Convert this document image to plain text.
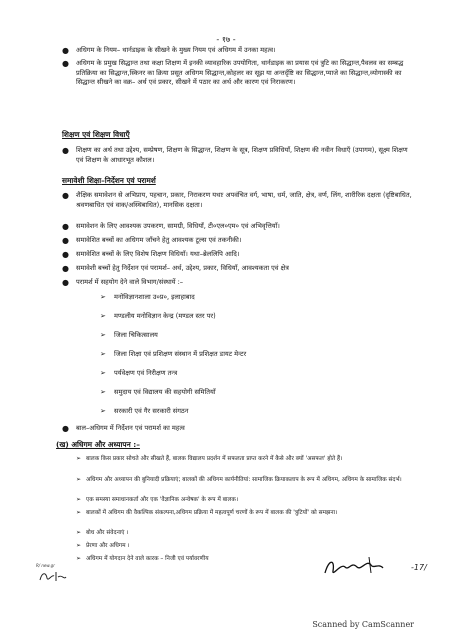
- १७ -
● अधिगम के नियम– थार्नडाइक के सीखने के मुख्य नियम एवं अधिगम में उनका महत्व।
● अधिगम के प्रमुख सिद्धान्त तथा कक्षा शिक्षण में इनकी व्यावहारिक उपयोगिता, थार्नडाइक का प्रयास एवं त्रुटि का सिद्धान्त,पैवलव का सम्बद्ध प्रतिक्रिया का सिद्धान्त,स्किनर का क्रिया प्रसूत अधिगम सिद्धान्त,कोहलर का सूझ या अन्तर्दृष्टि का सिद्धान्त,प्याजे का सिद्धान्त,व्योगास्की का सिद्धान्त सीखने का वक्र– अर्थ एवं प्रकार, सीखने में पठार का अर्थ और कारण एवं निराकरण।
शिक्षण एवं शिक्षण विधाएँ
● शिक्षण का अर्थ तथा उद्देश्य, सम्प्रेषण, शिक्षण के सिद्धान्त, शिक्षण के सूत्र, शिक्षण प्रविधियाँ, शिक्षण की नवीन विधाएँ (उपागम), सूक्ष्म शिक्षण एवं शिक्षण के आधारभूत कौशल।
समावेशी शिक्षा–निर्देशन एवं परामर्श
● शैक्षिक समावेशन से अभिप्राय, पहचान, प्रकार, निराकरण यथाः अपवंचित वर्ग, भाषा, धर्म, जाति, क्षेत्र, वर्ण, लिंग, शारीरिक दक्षता (दृष्टिबाधित, श्रवणबाधित एवं वाक/अस्थिबाधित), मानसिक दक्षता।
● समावेशन के लिए आवश्यक उपकरण, सामग्री, विधियाँ, टी०एल०एम० एवं अभिवृत्तियाँ।
● समावेशित बच्चों का अधिगम जाँचने हेतु आवश्यक टूल्स एवं तकनीकी।
● समावेशित बच्चों के लिए विशेष शिक्षण विधियाँ। यथा–ब्रेललिपि आदि।
● समावेशी बच्चों हेतु निर्देशन एवं परामर्श– अर्थ, उद्देश्य, प्रकार, विधियाँ, आवश्यकता एवं क्षेत्र
● परामर्श में सहयोग देने वाले विभाग/संस्थायें :–
➢ मनोविज्ञानशाला उ०प्र०, इलाहाबाद
➢ मण्डलीय मनोविज्ञान केन्द्र (मण्डल स्तर पर)
➢ जिला चिकित्सालय
➢ जिला शिक्षा एवं प्रशिक्षण संस्थान में प्रशिक्षत डायट मेन्टर
➢ पर्यवेक्षण एवं निरीक्षण तन्त्र
➢ समुदाय एवं विद्यालय की सहयोगी समितियाँ
➢ सरकारी एवं गैर सरकारी संगठन
● बाल–अधिगम में निर्देशन एवं परामर्श का महत्व
(ख) अधिगम और अध्यापन :–
➢ बालक किस प्रकार सोचते और सीखते हैं, बालक विद्यालय प्रदर्शन में सफलता प्राप्त करने में कैसे और क्यों 'असफल' होते हैं।
➢ अधिगम और अध्यापन की बुनियादी प्रक्रियाएं; बालकों की अधिगम कार्यनीतियां: सामाजिक क्रियाकलाप के रूप में अधिगम, अधिगम के सामाजिक संदर्भ।
➢ एक समस्या समाधानकर्ता और एक 'वैज्ञानिक अन्वेषक' के रूप में बालक।
➢ बालकों में अधिगम की वैकल्पिक संकल्पना,अधिगम प्रक्रिया में महत्वपूर्ण चरणों के रूप में बालक की 'त्रुटियों' को समझना।
➢ बोध और संवेदनाएं ।
➢ प्रेरणा और अधिगम ।
➢ अधिगम में योगदान देने वाले कारक – निजी एवं पर्यावरणीय
R/ new.gr	-17/
Scanned by CamScanner
